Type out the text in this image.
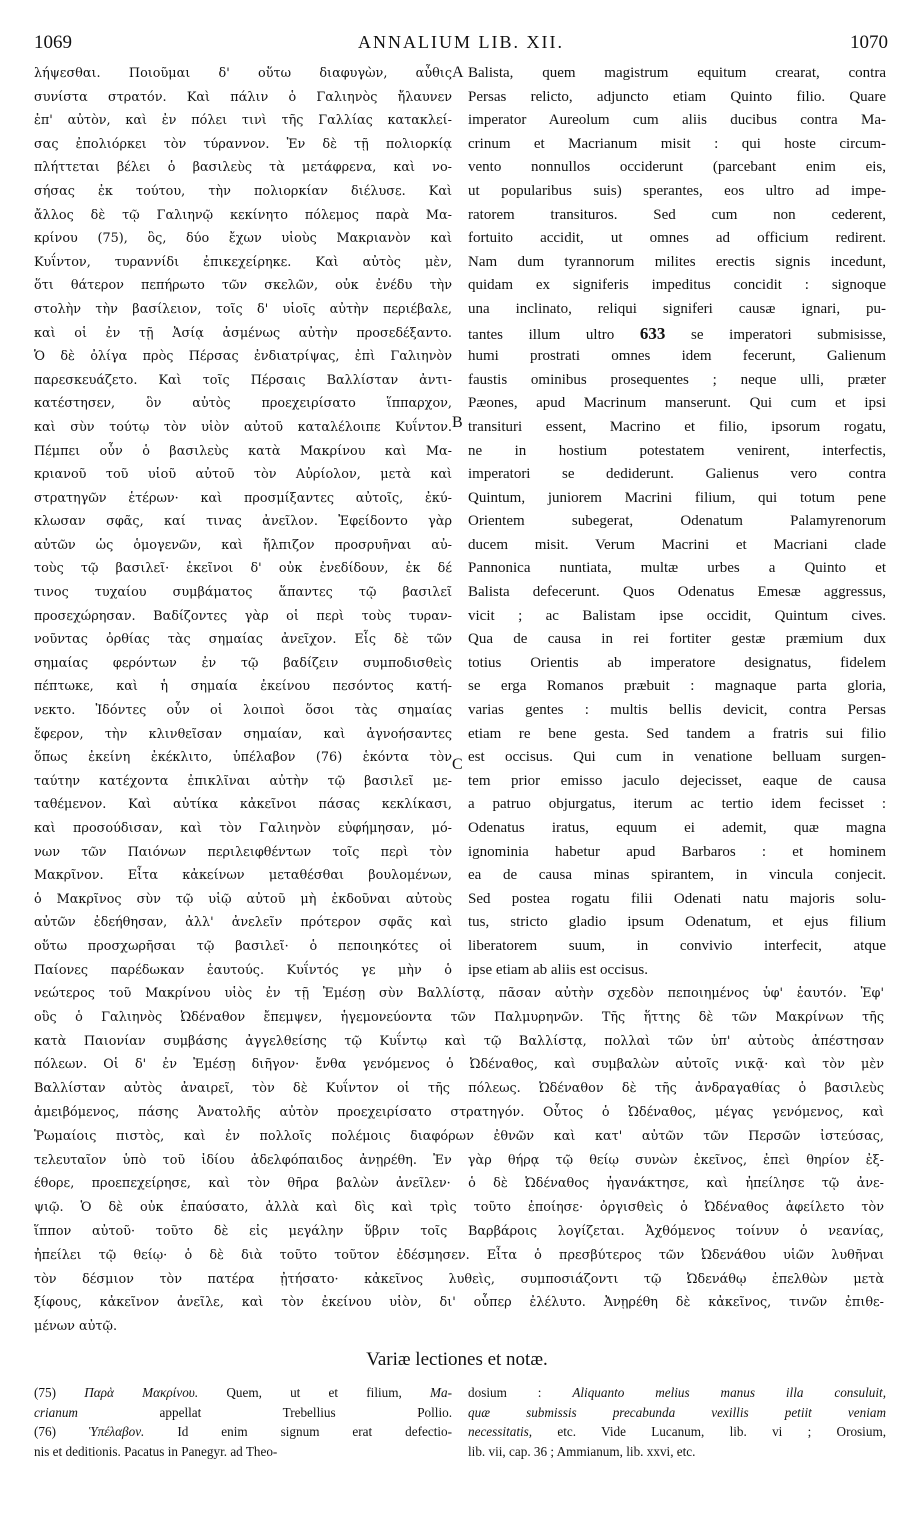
1069	ANNALIUM LIB. XII.	1070
λήψεσθαι. Ποιοῦμαι δ' οὕτω διαφυγὼν, αὖθις
συνίστα στρατόν. Καὶ πάλιν ὁ Γαλιηνὸς ἤλαυνεν
ἐπ' αὐτὸν, καὶ ἐν πόλει τινὶ τῆς Γαλλίας κατακλεί-
σας ἐπολιόρκει τὸν τύραννον. Ἐν δὲ τῇ πολιορκίᾳ
πλήττεται βέλει ὁ βασιλεὺς τὰ μετάφρενα, καὶ νο-
σήσας ἐκ τούτου, τὴν πολιορκίαν διέλυσε. Καὶ
ἄλλος δὲ τῷ Γαλιηνῷ κεκίνητο πόλεμος παρὰ Μα-
κρίνου (75), ὃς, δύο ἔχων υἱοὺς Μακριανὸν καὶ
Κυΐντον, τυραννίδι ἐπικεχείρηκε. Καὶ αὐτὸς μὲν,
ὅτι θάτερον πεπήρωτο τῶν σκελῶν, οὐκ ἐνέδυ τὴν
στολὴν τὴν βασίλειον, τοῖς δ' υἱοῖς αὐτὴν περιέβαλε,
καὶ οἱ ἐν τῇ Ἀσίᾳ ἀσμένως αὐτὴν προσεδέξαντο.
Ὁ δὲ ὀλίγα πρὸς Πέρσας ἐνδιατρίψας, ἐπὶ Γαλιηνὸν
παρεσκευάζετο. Καὶ τοῖς Πέρσαις Βαλλίσταν ἀντι-
κατέστησεν, ὃν αὐτὸς προεχειρίσατο ἵππαρχον,
καὶ σὺν τούτῳ τὸν υἱὸν αὐτοῦ καταλέλοιπε Κυΐντον.
Πέμπει οὖν ὁ βασιλεὺς κατὰ Μακρίνου καὶ Μα-
κριανοῦ τοῦ υἱοῦ αὐτοῦ τὸν Αὐρίολον, μετὰ καὶ
στρατηγῶν ἑτέρων· καὶ προσμίξαντες αὐτοῖς, ἐκύ-
κλωσαν σφᾶς, καί τινας ἀνεῖλον. Ἐφείδοντο γὰρ
αὐτῶν ὡς ὁμογενῶν, καὶ ἤλπιζον προσρυῆναι αὐ-
τοὺς τῷ βασιλεῖ· ἐκεῖνοι δ' οὐκ ἐνεδίδουν, ἐκ δέ
τινος τυχαίου συμβάματος ἅπαντες τῷ βασιλεῖ
προσεχώρησαν. Βαδίζοντες γὰρ οἱ περὶ τοὺς τυραν-
νοῦντας ὀρθίας τὰς σημαίας ἀνεῖχον. Εἷς δὲ τῶν
σημαίας φερόντων ἐν τῷ βαδίζειν συμποδισθεὶς
πέπτωκε, καὶ ἡ σημαία ἐκείνου πεσόντος κατή-
νεκτο. Ἰδόντες οὖν οἱ λοιποὶ ὅσοι τὰς σημαίας
ἔφερον, τὴν κλινθεῖσαν σημαίαν, καὶ ἀγνοήσαντες
ὅπως ἐκείνη ἐκέκλιτο, ὑπέλαβον (76) ἑκόντα τὸν
ταύτην κατέχοντα ἐπικλῖναι αὐτὴν τῷ βασιλεῖ με-
ταθέμενον. Καὶ αὐτίκα κἀκεῖνοι πάσας κεκλίκασι,
καὶ προσούδισαν, καὶ τὸν Γαλιηνὸν εὐφήμησαν, μό-
νων τῶν Παιόνων περιλειφθέντων τοῖς περὶ τὸν
Μακρῖνον. Εἶτα κἀκείνων μεταθέσθαι βουλομένων,
ὁ Μακρῖνος σὺν τῷ υἱῷ αὐτοῦ μὴ ἐκδοῦναι αὐτοὺς
αὐτῶν ἐδεήθησαν, ἀλλ' ἀνελεῖν πρότερον σφᾶς καὶ
οὕτω προσχωρῆσαι τῷ βασιλεῖ· ὁ πεποιηκότες οἱ
Παίονες παρέδωκαν ἑαυτούς. Κυΐντός γε μὴν ὁ
Balista, quem magistrum equitum crearat, contra
Persas relicto, adjuncto etiam Quinto filio. Quare
imperator Aureolum cum aliis ducibus contra Ma-
crinum et Macrianum misit : qui hoste circum-
vento nonnullos occiderunt (parcebant enim eis,
ut popularibus suis) sperantes, eos ultro ad impe-
ratorem transituros. Sed cum non cederent,
fortuito accidit, ut omnes ad officium redirent.
Nam dum tyrannorum milites erectis signis incedunt,
quidam ex signiferis impeditus concidit : signoque
una inclinato, reliqui signiferi causæ ignari, pu-
tantes illum ultro 633 se imperatori submisisse,
humi prostrati omnes idem fecerunt, Galienum
faustis ominibus prosequentes ; neque ulli, præter
Pæones, apud Macrinum manserunt. Qui cum et ipsi
transituri essent, Macrino et filio, ipsorum rogatu,
ne in hostium potestatem venirent, interfectis,
imperatori se dediderunt. Galienus vero contra
Quintum, juniorem Macrini filium, qui totum pene
Orientem subegerat, Odenatum Palamyrenorum
ducem misit. Verum Macrini et Macriani clade
Pannonica nuntiata, multæ urbes a Quinto et
Balista defecerunt. Quos Odenatus Emesæ aggressus,
vicit ; ac Balistam ipse occidit, Quintum cives.
Qua de causa in rei fortiter gestæ præmium dux
totius Orientis ab imperatore designatus, fidelem
se erga Romanos præbuit : magnaque parta gloria,
varias gentes : multis bellis devicit, contra Persas
etiam re bene gesta. Sed tandem a fratris sui filio
est occisus. Qui cum in venatione belluam surgen-
tem prior emisso jaculo dejecisset, eaque de causa
a patruo objurgatus, iterum ac tertio idem fecisset :
Odenatus iratus, equum ei ademit, quæ magna
ignominia habetur apud Barbaros : et hominem
ea de causa minas spirantem, in vincula conjecit.
Sed postea rogatu filii Odenati natu majoris solu-
tus, stricto gladio ipsum Odenatum, et ejus filium
liberatorem suum, in convivio interfecit, atque
ipse etiam ab aliis est occisus.
A
B
C
νεώτερος τοῦ Μακρίνου υἱὸς ἐν τῇ Ἐμέσῃ σὺν Βαλλίστᾳ, πᾶσαν αὐτὴν σχεδὸν πεποιημένος ὑφ' ἑαυτόν. Ἐφ'
οὓς ὁ Γαλιηνὸς Ὠδέναθον ἔπεμψεν, ἡγεμονεύοντα τῶν Παλμυρηνῶν. Τῆς ἥττης δὲ τῶν Μακρίνων τῆς
κατὰ Παιονίαν συμβάσης ἀγγελθείσης τῷ Κυΐντῳ καὶ τῷ Βαλλίστᾳ, πολλαὶ τῶν ὑπ' αὐτοὺς ἀπέστησαν
πόλεων. Οἱ δ' ἐν Ἐμέσῃ διῆγον· ἔνθα γενόμενος ὁ Ὠδέναθος, καὶ συμβαλὼν αὐτοῖς νικᾷ· καὶ τὸν μὲν
Βαλλίσταν αὐτὸς ἀναιρεῖ, τὸν δὲ Κυΐντον οἱ τῆς πόλεως. Ὠδέναθον δὲ τῆς ἀνδραγαθίας ὁ βασιλεὺς
ἀμειβόμενος, πάσης Ἀνατολῆς αὐτὸν προεχειρίσατο στρατηγόν. Οὗτος ὁ Ὠδέναθος, μέγας γενόμενος, καὶ
Ῥωμαίοις πιστὸς, καὶ ἐν πολλοῖς πολέμοις διαφόρων ἐθνῶν καὶ κατ' αὐτῶν τῶν Περσῶν ἰστεύσας,
τελευταῖον ὑπὸ τοῦ ἰδίου ἀδελφόπαιδος ἀνῃρέθη. Ἐν γὰρ θήρᾳ τῷ θείῳ συνὼν ἐκεῖνος, ἐπεὶ θηρίον ἐξ-
έθορε, προεπεχείρησε, καὶ τὸν θῆρα βαλὼν ἀνεῖλεν· ὁ δὲ Ὠδέναθος ἠγανάκτησε, καὶ ἠπείλησε τῷ ἀνε-
ψιῷ. Ὁ δὲ οὐκ ἐπαύσατο, ἀλλὰ καὶ δὶς καὶ τρὶς τοῦτο ἐποίησε· ὀργισθεὶς ὁ Ὠδέναθος ἀφείλετο τὸν
ἵππον αὐτοῦ· τοῦτο δὲ εἰς μεγάλην ὕβριν τοῖς Βαρβάροις λογίζεται. Ἀχθόμενος τοίνυν ὁ νεανίας,
ἠπείλει τῷ θείῳ· ὁ δὲ διὰ τοῦτο τοῦτον ἐδέσμησεν. Εἶτα ὁ πρεσβύτερος τῶν Ὠδενάθου υἱῶν λυθῆναι
τὸν δέσμιον τὸν πατέρα ᾐτήσατο· κἀκεῖνος λυθεὶς, συμποσιάζοντι τῷ Ὠδενάθῳ ἐπελθὼν μετὰ
ξίφους, κἀκεῖνον ἀνεῖλε, καὶ τὸν ἐκείνου υἱὸν, δι' οὗπερ ἐλέλυτο. Ἀνῃρέθη δὲ κἀκεῖνος, τινῶν ἐπιθε-
μένων αὐτῷ.
Variæ lectiones et notæ.
(75) Παρὰ Μακρίνου. Quem, ut et filium, Ma-
crianum	appellat Trebellius Pollio.
(76) Ὑπέλαβον. Id enim signum erat defectio-
nis et deditionis. Pacatus in Panegyr. ad Theo-
dosium : Aliquanto melius manus illa consuluit,
quæ submissis precabunda vexillis petiit veniam
necessitatis, etc. Vide Lucanum, lib. vi ; Orosium,
lib. vii, cap. 36 ; Ammianum, lib. xxvi, etc.
